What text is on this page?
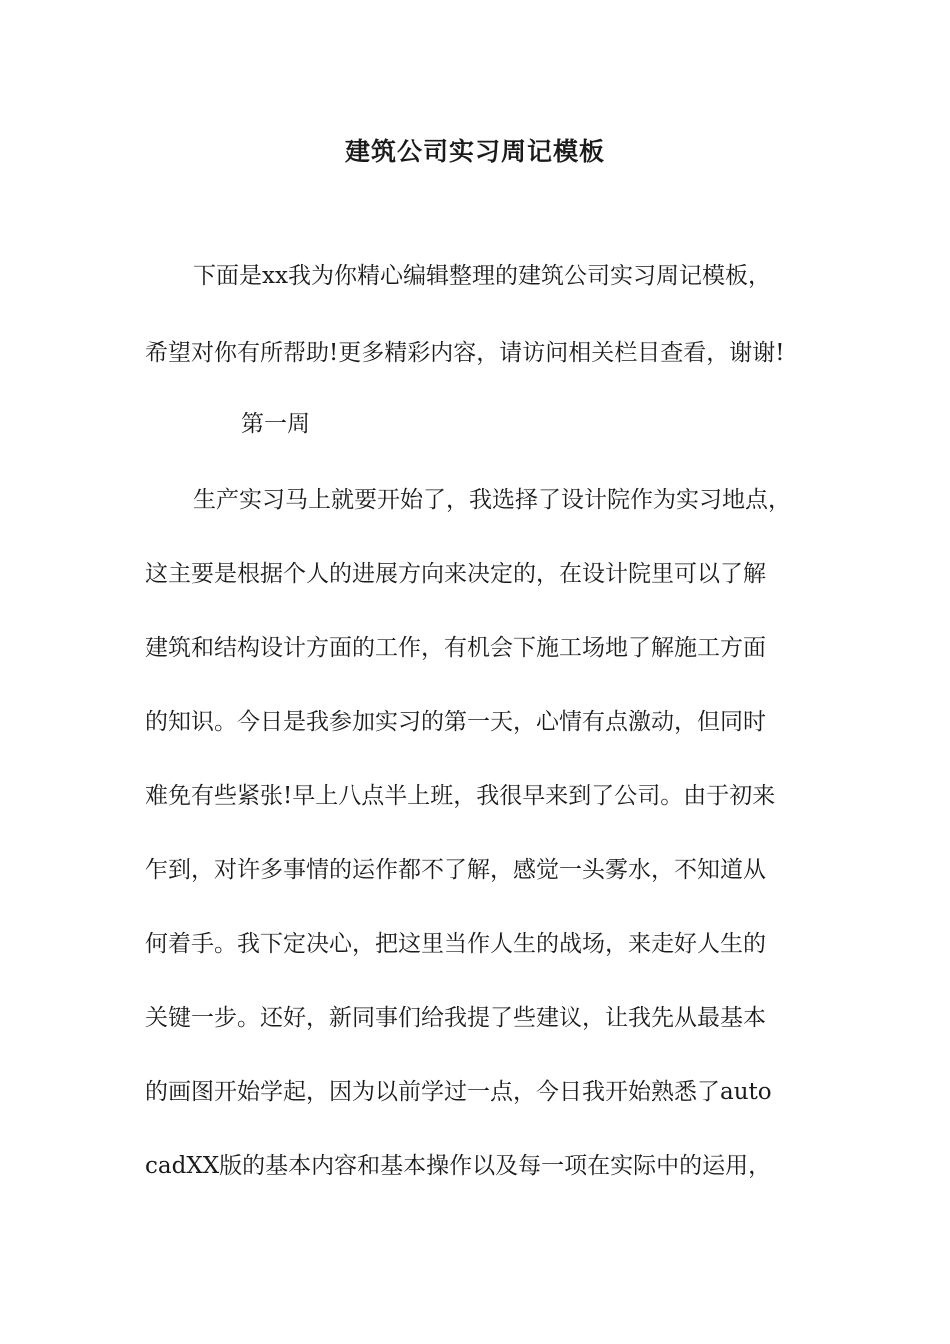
建筑公司实习周记模板

下面是xx我为你精心编辑整理的建筑公司实习周记模板，

希望对你有所帮助!更多精彩内容，请访问相关栏目查看，谢谢!

第一周

生产实习马上就要开始了，我选择了设计院作为实习地点，

这主要是根据个人的进展方向来决定的，在设计院里可以了解

建筑和结构设计方面的工作，有机会下施工场地了解施工方面

的知识。今日是我参加实习的第一天，心情有点激动，但同时

难免有些紧张!早上八点半上班，我很早来到了公司。由于初来

乍到，对许多事情的运作都不了解，感觉一头雾水，不知道从

何着手。我下定决心，把这里当作人生的战场，来走好人生的

关键一步。还好，新同事们给我提了些建议，让我先从最基本

的画图开始学起，因为以前学过一点，今日我开始熟悉了auto

cadXX版的基本内容和基本操作以及每一项在实际中的运用，
